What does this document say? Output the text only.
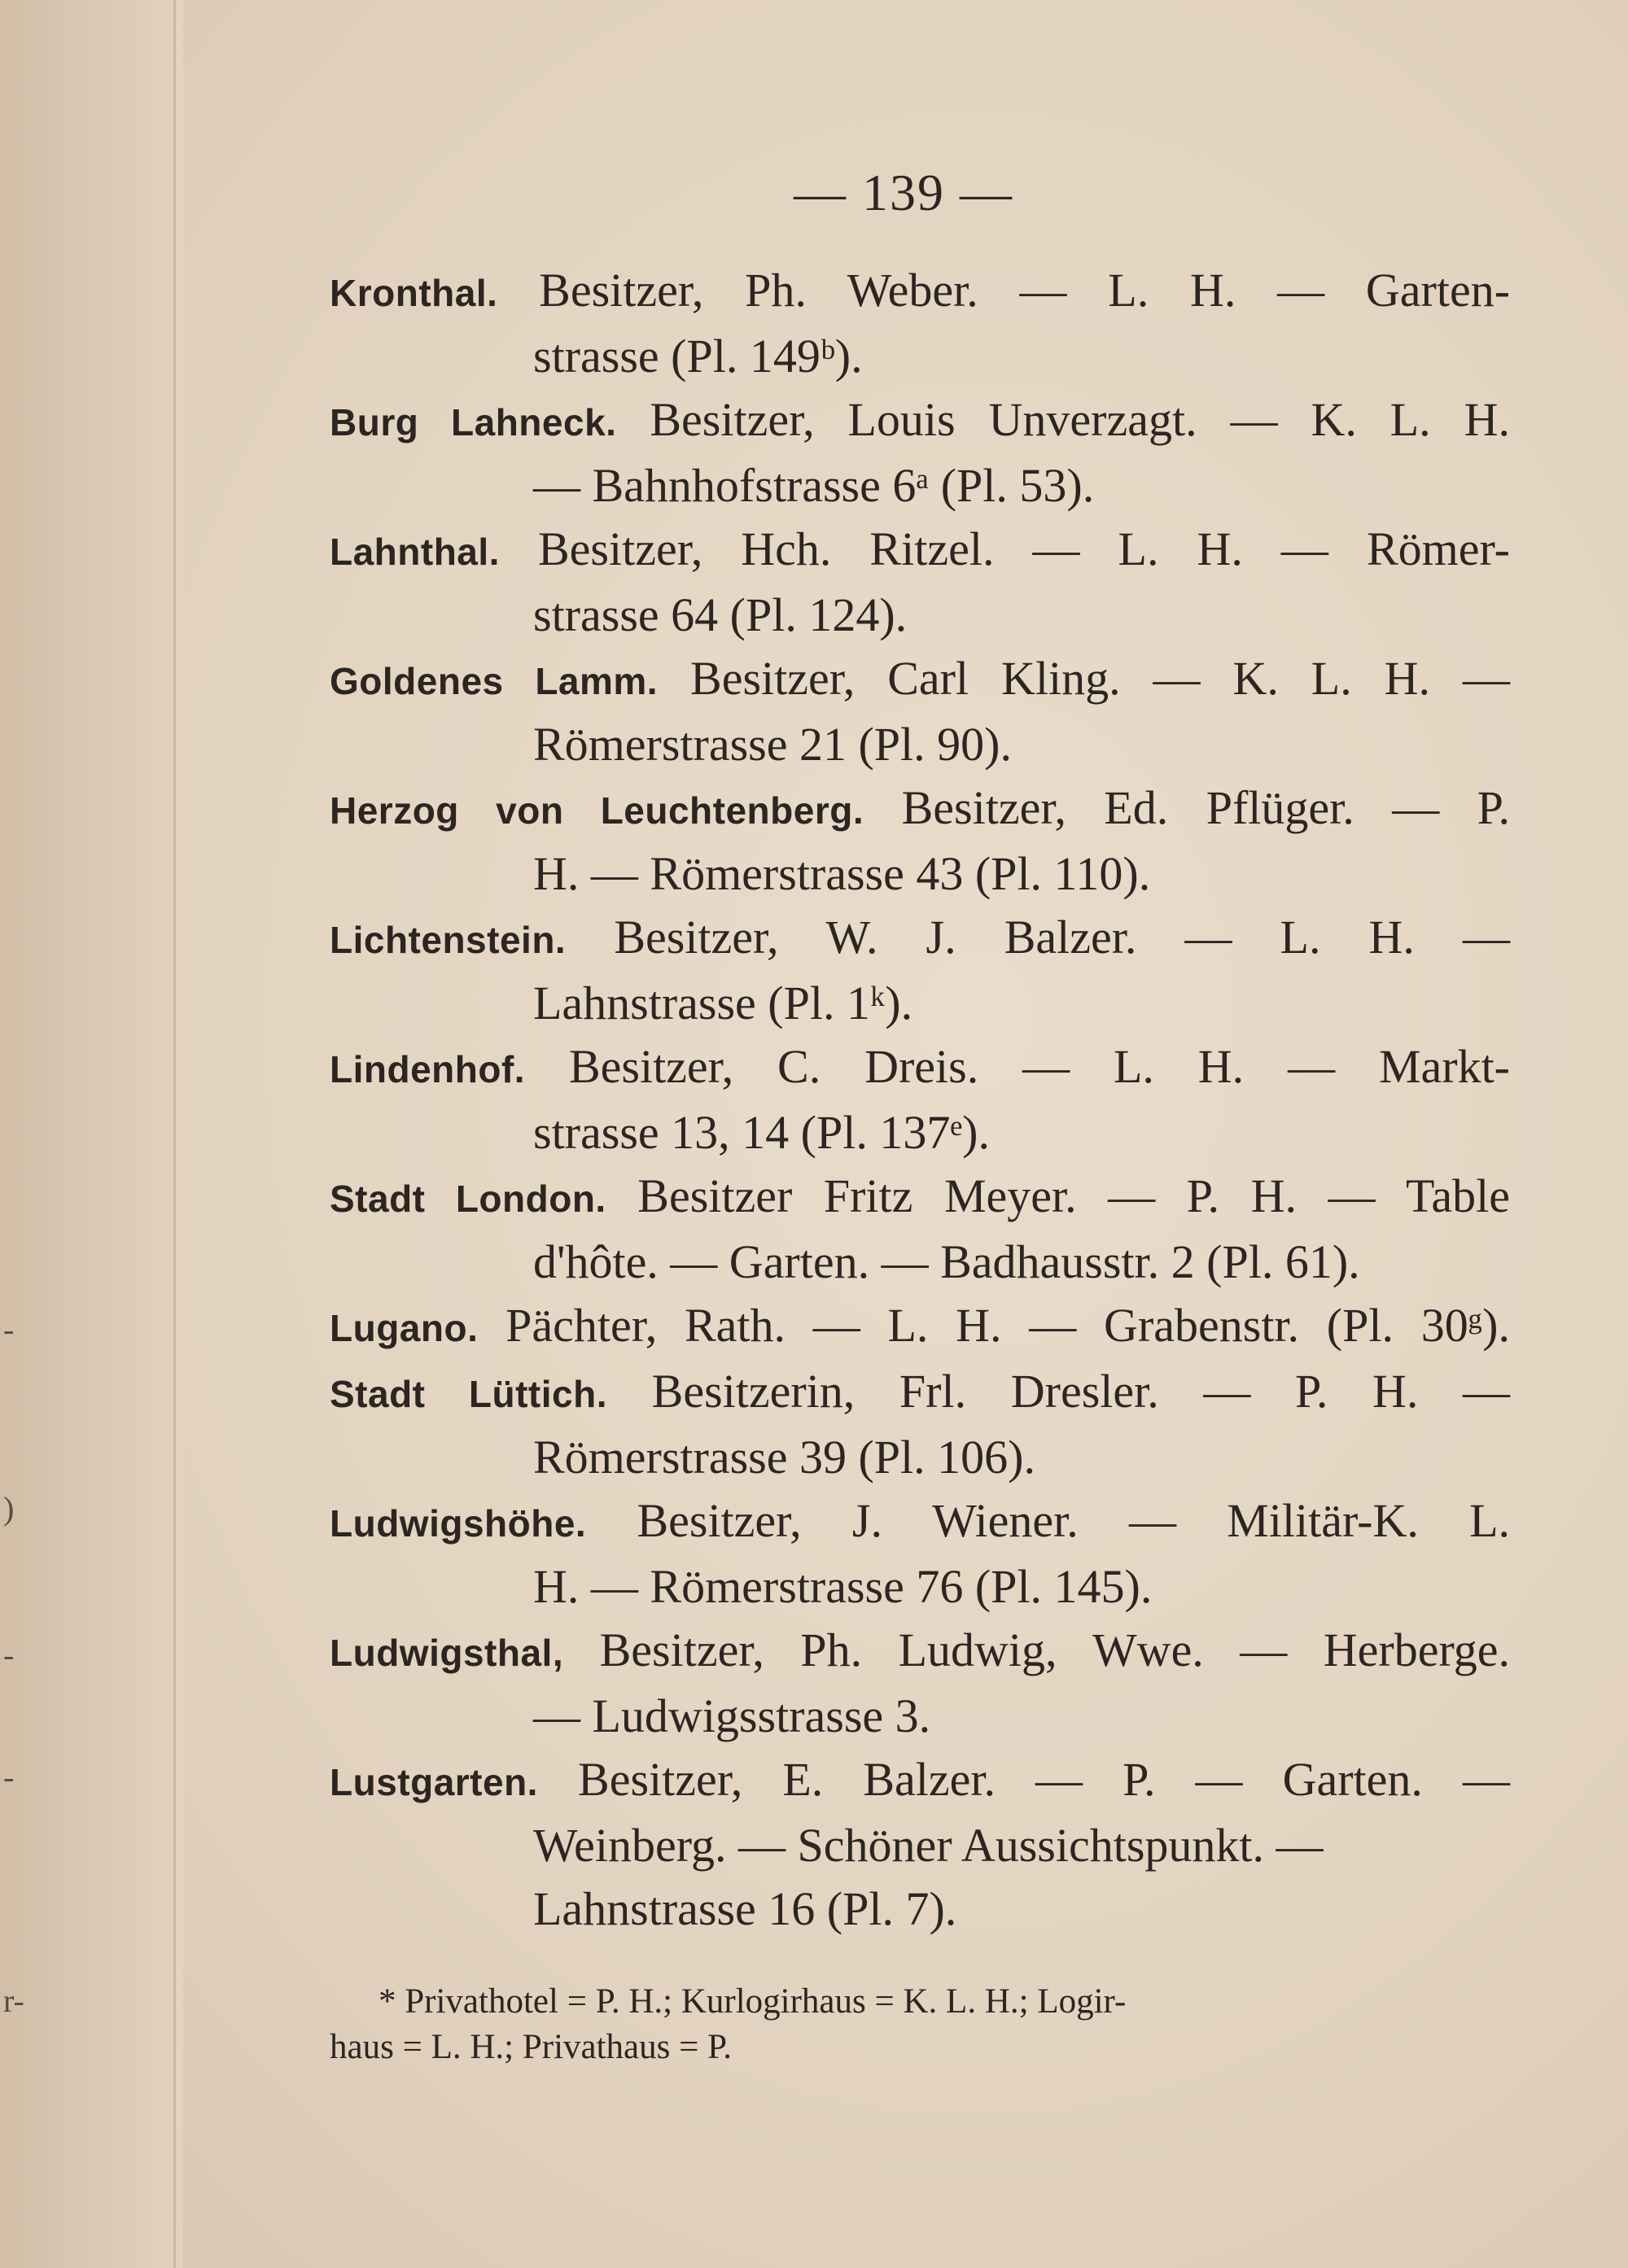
-
)
-
-
r-
— 139 —
Kronthal. Besitzer, Ph. Weber. — L. H. — Garten-
strasse (Pl. 149ᵇ).
Burg Lahneck. Besitzer, Louis Unverzagt. — K. L. H.
— Bahnhofstrasse 6ᵃ (Pl. 53).
Lahnthal. Besitzer, Hch. Ritzel. — L. H. — Römer-
strasse 64 (Pl. 124).
Goldenes Lamm. Besitzer, Carl Kling. — K. L. H. —
Römerstrasse 21 (Pl. 90).
Herzog von Leuchtenberg. Besitzer, Ed. Pflüger. — P.
H. — Römerstrasse 43 (Pl. 110).
Lichtenstein. Besitzer, W. J. Balzer. — L. H. —
Lahnstrasse (Pl. 1ᵏ).
Lindenhof. Besitzer, C. Dreis. — L. H. — Markt-
strasse 13, 14 (Pl. 137ᵉ).
Stadt London. Besitzer Fritz Meyer. — P. H. — Table
d'hôte. — Garten. — Badhausstr. 2 (Pl. 61).
Lugano. Pächter, Rath. — L. H. — Grabenstr. (Pl. 30ᵍ).
Stadt Lüttich. Besitzerin, Frl. Dresler. — P. H. —
Römerstrasse 39 (Pl. 106).
Ludwigshöhe. Besitzer, J. Wiener. — Militär-K. L.
H. — Römerstrasse 76 (Pl. 145).
Ludwigsthal, Besitzer, Ph. Ludwig, Wwe. — Herberge.
— Ludwigsstrasse 3.
Lustgarten. Besitzer, E. Balzer. — P. — Garten. —
Weinberg. — Schöner Aussichtspunkt. —
Lahnstrasse 16 (Pl. 7).

* Privathotel = P. H.; Kurlogirhaus = K. L. H.; Logir-
haus = L. H.; Privathaus = P.
